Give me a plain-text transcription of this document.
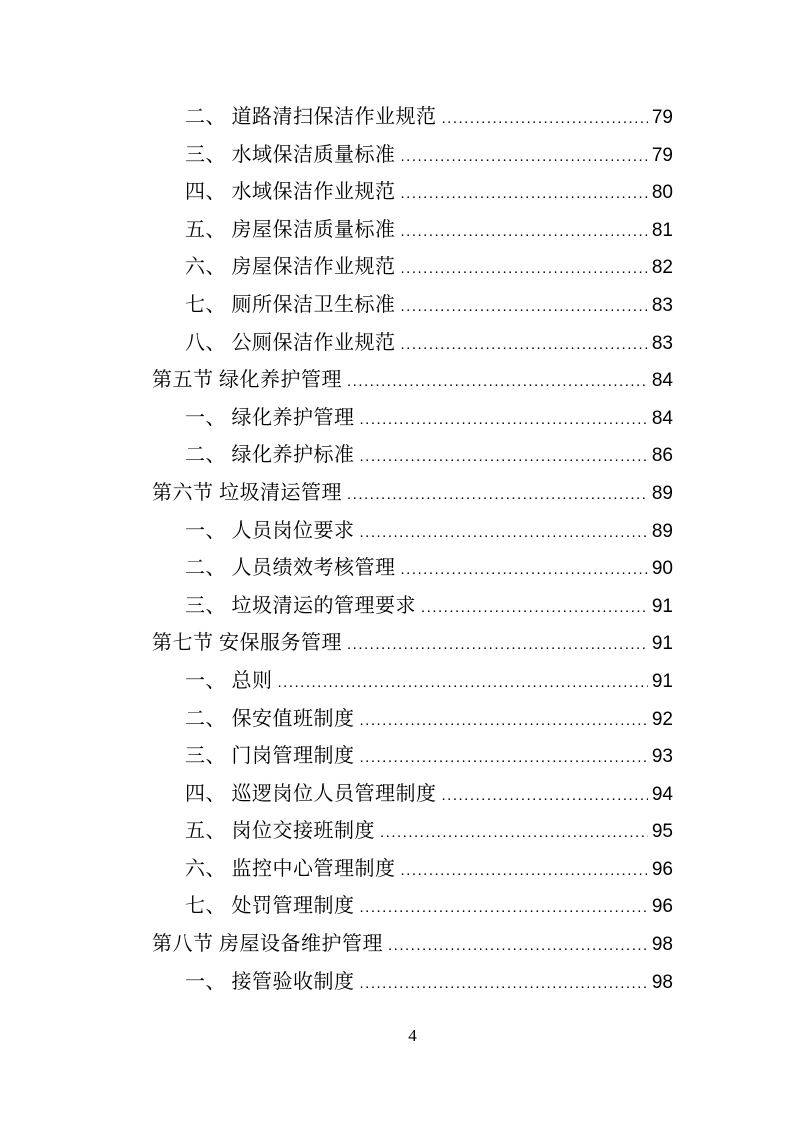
二、 道路清扫保洁作业规范 .....	79
三、 水域保洁质量标准 .....	79
四、 水域保洁作业规范 .....	80
五、 房屋保洁质量标准 .....	81
六、 房屋保洁作业规范 .....	82
七、 厕所保洁卫生标准 .....	83
八、 公厕保洁作业规范 .....	83
第五节 绿化养护管理 .....	84
一、 绿化养护管理 .....	84
二、 绿化养护标准 .....	86
第六节 垃圾清运管理 .....	89
一、 人员岗位要求 .....	89
二、 人员绩效考核管理 .....	90
三、 垃圾清运的管理要求 .....	91
第七节 安保服务管理 .....	91
一、 总则 .....	91
二、 保安值班制度 .....	92
三、 门岗管理制度 .....	93
四、 巡逻岗位人员管理制度 .....	94
五、 岗位交接班制度 .....	95
六、 监控中心管理制度 .....	96
七、 处罚管理制度 .....	96
第八节 房屋设备维护管理 .....	98
一、 接管验收制度 .....	98
4
